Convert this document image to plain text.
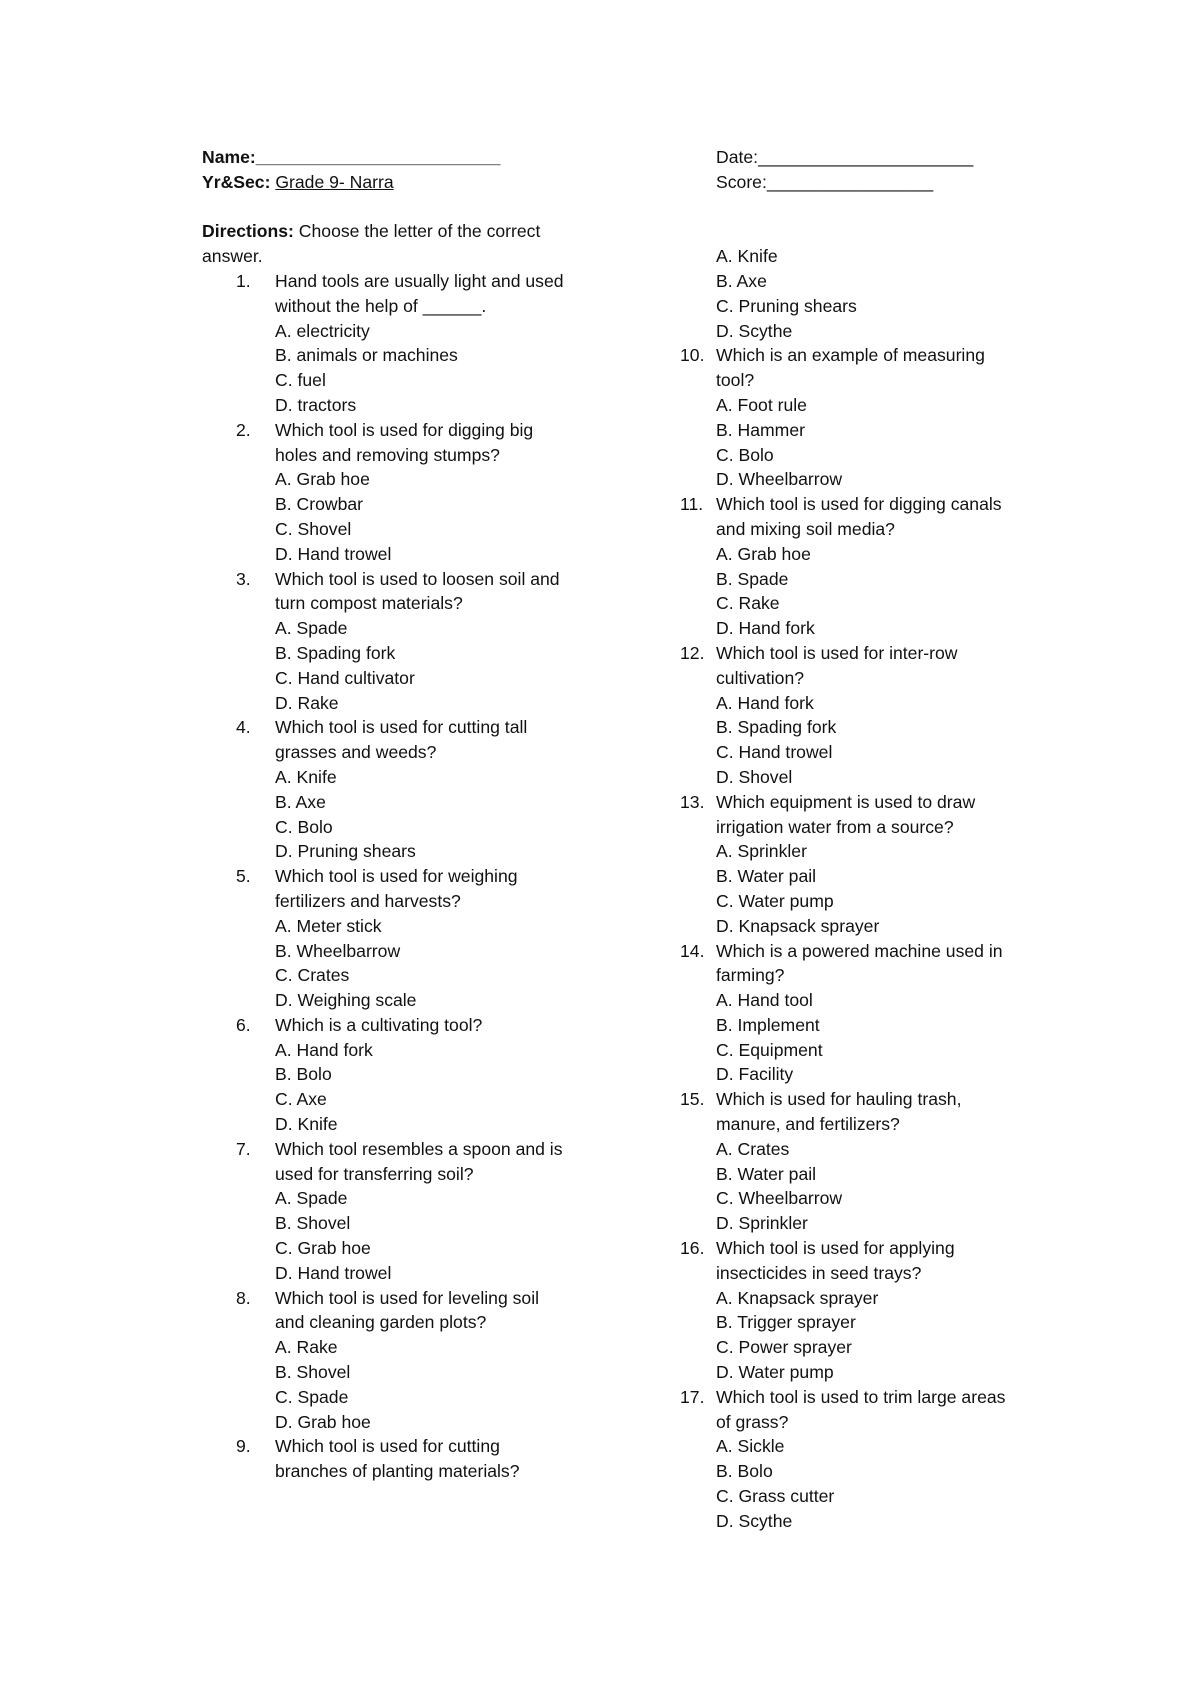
Name:_________________________
Yr&Sec: Grade 9- Narra
Directions: Choose the letter of the correct
answer.
1. Hand tools are usually light and used
without the help of ______.
A. electricity
B. animals or machines
C. fuel
D. tractors
2. Which tool is used for digging big
holes and removing stumps?
A. Grab hoe
B. Crowbar
C. Shovel
D. Hand trowel
3. Which tool is used to loosen soil and
turn compost materials?
A. Spade
B. Spading fork
C. Hand cultivator
D. Rake
4. Which tool is used for cutting tall
grasses and weeds?
A. Knife
B. Axe
C. Bolo
D. Pruning shears
5. Which tool is used for weighing
fertilizers and harvests?
A. Meter stick
B. Wheelbarrow
C. Crates
D. Weighing scale
6. Which is a cultivating tool?
A. Hand fork
B. Bolo
C. Axe
D. Knife
7. Which tool resembles a spoon and is
used for transferring soil?
A. Spade
B. Shovel
C. Grab hoe
D. Hand trowel
8. Which tool is used for leveling soil
and cleaning garden plots?
A. Rake
B. Shovel
C. Spade
D. Grab hoe
9. Which tool is used for cutting
branches of planting materials?
Date:______________________
Score:_________________
A. Knife
B. Axe
C. Pruning shears
D. Scythe
10. Which is an example of measuring
tool?
A. Foot rule
B. Hammer
C. Bolo
D. Wheelbarrow
11. Which tool is used for digging canals
and mixing soil media?
A. Grab hoe
B. Spade
C. Rake
D. Hand fork
12. Which tool is used for inter-row
cultivation?
A. Hand fork
B. Spading fork
C. Hand trowel
D. Shovel
13. Which equipment is used to draw
irrigation water from a source?
A. Sprinkler
B. Water pail
C. Water pump
D. Knapsack sprayer
14. Which is a powered machine used in
farming?
A. Hand tool
B. Implement
C. Equipment
D. Facility
15. Which is used for hauling trash,
manure, and fertilizers?
A. Crates
B. Water pail
C. Wheelbarrow
D. Sprinkler
16. Which tool is used for applying
insecticides in seed trays?
A. Knapsack sprayer
B. Trigger sprayer
C. Power sprayer
D. Water pump
17. Which tool is used to trim large areas
of grass?
A. Sickle
B. Bolo
C. Grass cutter
D. Scythe
